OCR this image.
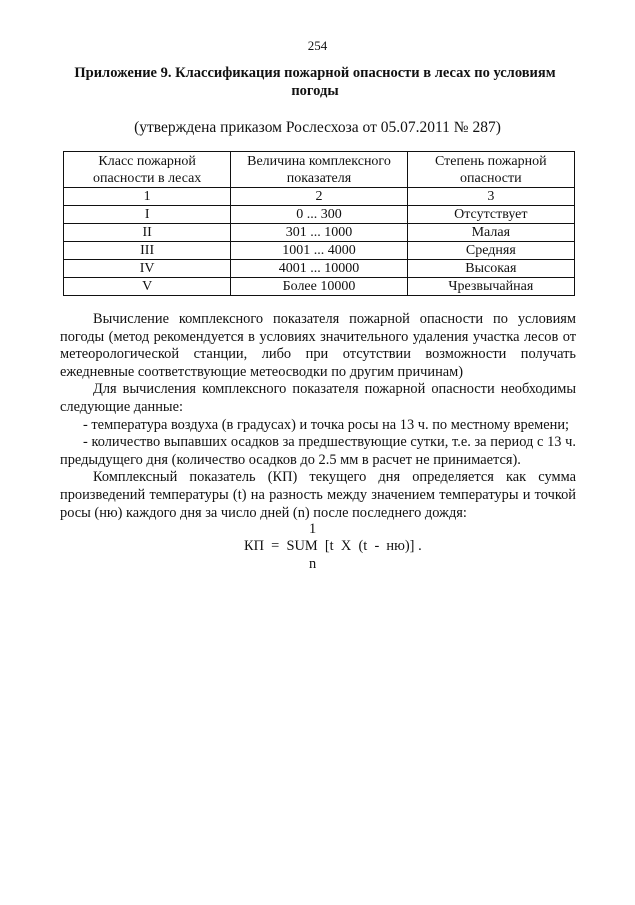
254
Приложение 9. Классификация пожарной опасности в лесах по условиям погоды
(утверждена приказом Рослесхоза от 05.07.2011 № 287)
Класс пожарной опасности в лесах	Величина комплексного показателя	Степень пожарной опасности
1	2	3
I	0 ... 300	Отсутствует
II	301 ... 1000	Малая
III	1001 ... 4000	Средняя
IV	4001 ... 10000	Высокая
V	Более 10000	Чрезвычайная

Вычисление комплексного показателя пожарной опасности по условиям погоды (метод рекомендуется в условиях значительного удаления участка лесов от метеорологической станции, либо при отсутствии возможности получать ежедневные соответствующие метеосводки по другим причинам)

Для вычисления комплексного показателя пожарной опасности необходимы следующие данные:

- температура воздуха (в градусах) и точка росы на 13 ч. по местному времени;

- количество выпавших осадков за предшествующие сутки, т.е. за период с 13 ч. предыдущего дня (количество осадков до 2.5 мм в расчет не принимается).

Комплексный показатель (КП) текущего дня определяется как сумма произведений температуры (t) на разность между значением температуры и точкой росы (ню) каждого дня за число дней (n) после последнего дождя:

1
КП  =  SUM  [t  X  (t  -  ню)] .
n
